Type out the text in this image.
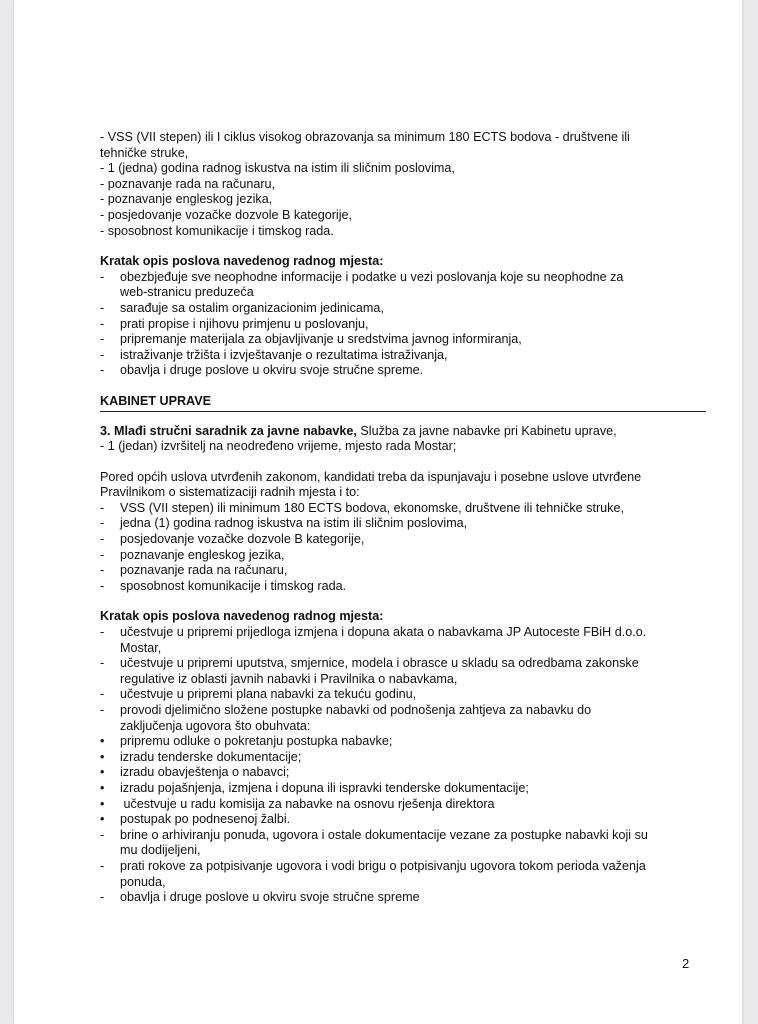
- VSS (VII stepen) ili I ciklus visokog obrazovanja sa minimum 180 ECTS bodova - društvene ili
tehničke struke,
- 1 (jedna) godina radnog iskustva na istim ili sličnim poslovima,
- poznavanje rada na računaru,
- poznavanje engleskog jezika,
- posjedovanje vozačke dozvole B kategorije,
- sposobnost komunikacije i timskog rada.
Kratak opis poslova navedenog radnog mjesta:
-	obezbjeđuje sve neophodne informacije i podatke u vezi poslovanja koje su neophodne za
web-stranicu preduzeća
-	sarađuje sa ostalim organizacionim jedinicama,
-	prati propise i njihovu primjenu u poslovanju,
-	pripremanje materijala za objavljivanje u sredstvima javnog informiranja,
-	istraživanje tržišta i izvještavanje o rezultatima istraživanja,
-	obavlja i druge poslove u okviru svoje stručne spreme.
KABINET UPRAVE
3. Mlađi stručni saradnik za javne nabavke, Služba za javne nabavke pri Kabinetu uprave,
- 1 (jedan) izvršitelj na neodređeno vrijeme, mjesto rada Mostar;
Pored općih uslova utvrđenih zakonom, kandidati treba da ispunjavaju i posebne uslove utvrđene
Pravilnikom o sistematizaciji radnih mjesta i to:
-	VSS (VII stepen) ili minimum 180 ECTS bodova, ekonomske, društvene ili tehničke struke,
-	jedna (1) godina radnog iskustva na istim ili sličnim poslovima,
-	posjedovanje vozačke dozvole B kategorije,
-	poznavanje engleskog jezika,
-	poznavanje rada na računaru,
-	sposobnost komunikacije i timskog rada.
Kratak opis poslova navedenog radnog mjesta:
-	učestvuje u pripremi prijedloga izmjena i dopuna akata o nabavkama JP Autoceste FBiH d.o.o.
Mostar,
-	učestvuje u pripremi uputstva, smjernice, modela i obrasce u skladu sa odredbama zakonske
regulative iz oblasti javnih nabavki i Pravilnika o nabavkama,
-	učestvuje u pripremi plana nabavki za tekuću godinu,
-	provodi djelimično složene postupke nabavki od podnošenja zahtjeva za nabavku do
zaključenja ugovora što obuhvata:
•	pripremu odluke o pokretanju postupka nabavke;
•	izradu tenderske dokumentacije;
•	izradu obavještenja o nabavci;
•	izradu pojašnjenja, izmjena i dopuna ili ispravki tenderske dokumentacije;
•	učestvuje u radu komisija za nabavke na osnovu rješenja direktora
•	postupak po podnesenoj žalbi.
-	brine o arhiviranju ponuda, ugovora i ostale dokumentacije vezane za postupke nabavki koji su
mu dodijeljeni,
-	prati rokove za potpisivanje ugovora i vodi brigu o potpisivanju ugovora tokom perioda važenja
ponuda,
-	obavlja i druge poslove u okviru svoje stručne spreme
2
